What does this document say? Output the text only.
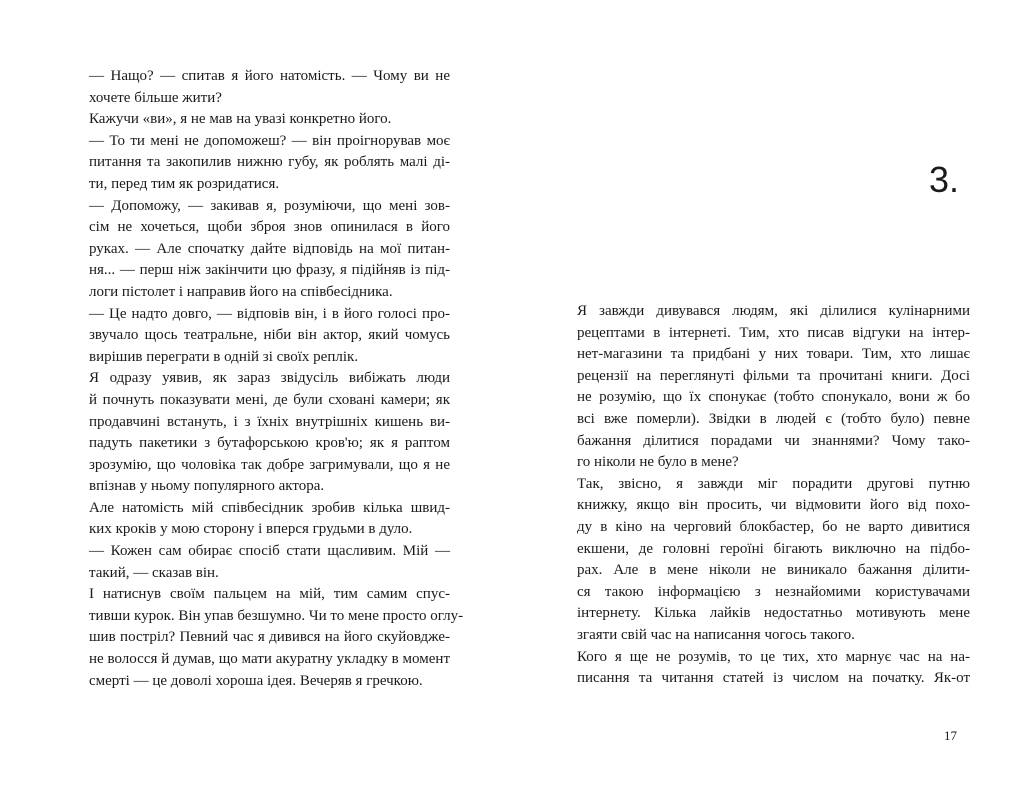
— Нащо? — спитав я його натомість. — Чому ви не
хочете більше жити?
Кажучи «ви», я не мав на увазі конкретно його.
— То ти мені не допоможеш? — він проігнорував моє
питання та закопилив нижню губу, як роблять малі ді-
ти, перед тим як розридатися.
— Допоможу, — закивав я, розуміючи, що мені зов-
сім не хочеться, щоби зброя знов опинилася в його
руках. — Але спочатку дайте відповідь на мої питан-
ня... — перш ніж закінчити цю фразу, я підійняв із під-
логи пістолет і направив його на співбесідника.
— Це надто довго, — відповів він, і в його голосі про-
звучало щось театральне, ніби він актор, який чомусь
вирішив переграти в одній зі своїх реплік.
Я одразу уявив, як зараз звідусіль вибіжать люди
й почнуть показувати мені, де були сховані камери; як
продавчині встануть, і з їхніх внутрішніх кишень ви-
падуть пакетики з бутафорською кров'ю; як я раптом
зрозумію, що чоловіка так добре загримували, що я не
впізнав у ньому популярного актора.
Але натомість мій співбесідник зробив кілька швид-
ких кроків у мою сторону і вперся грудьми в дуло.
— Кожен сам обирає спосіб стати щасливим. Мій —
такий, — сказав він.
І натиснув своїм пальцем на мій, тим самим спус-
тивши курок. Він упав безшумно. Чи то мене просто оглу-
шив постріл? Певний час я дивився на його скуйовдже-
не волосся й думав, що мати акуратну укладку в момент
смерті — це доволі хороша ідея. Вечеряв я гречкою.
3.
Я завжди дивувався людям, які ділилися кулінарними
рецептами в інтернеті. Тим, хто писав відгуки на інтер-
нет-магазини та придбані у них товари. Тим, хто лишає
рецензії на переглянуті фільми та прочитані книги. Досі
не розумію, що їх спонукає (тобто спонукало, вони ж бо
всі вже померли). Звідки в людей є (тобто було) певне
бажання ділитися порадами чи знаннями? Чому тако-
го ніколи не було в мене?
Так, звісно, я завжди міг порадити другові путню
книжку, якщо він просить, чи відмовити його від похо-
ду в кіно на черговий блокбастер, бо не варто дивитися
екшени, де головні героїні бігають виключно на підбо-
рах. Але в мене ніколи не виникало бажання ділити-
ся такою інформацією з незнайомими користувачами
інтернету. Кілька лайків недостатньо мотивують мене
згаяти свій час на написання чогось такого.
Кого я ще не розумів, то це тих, хто марнує час на на-
писання та читання статей із числом на початку. Як-от
17
